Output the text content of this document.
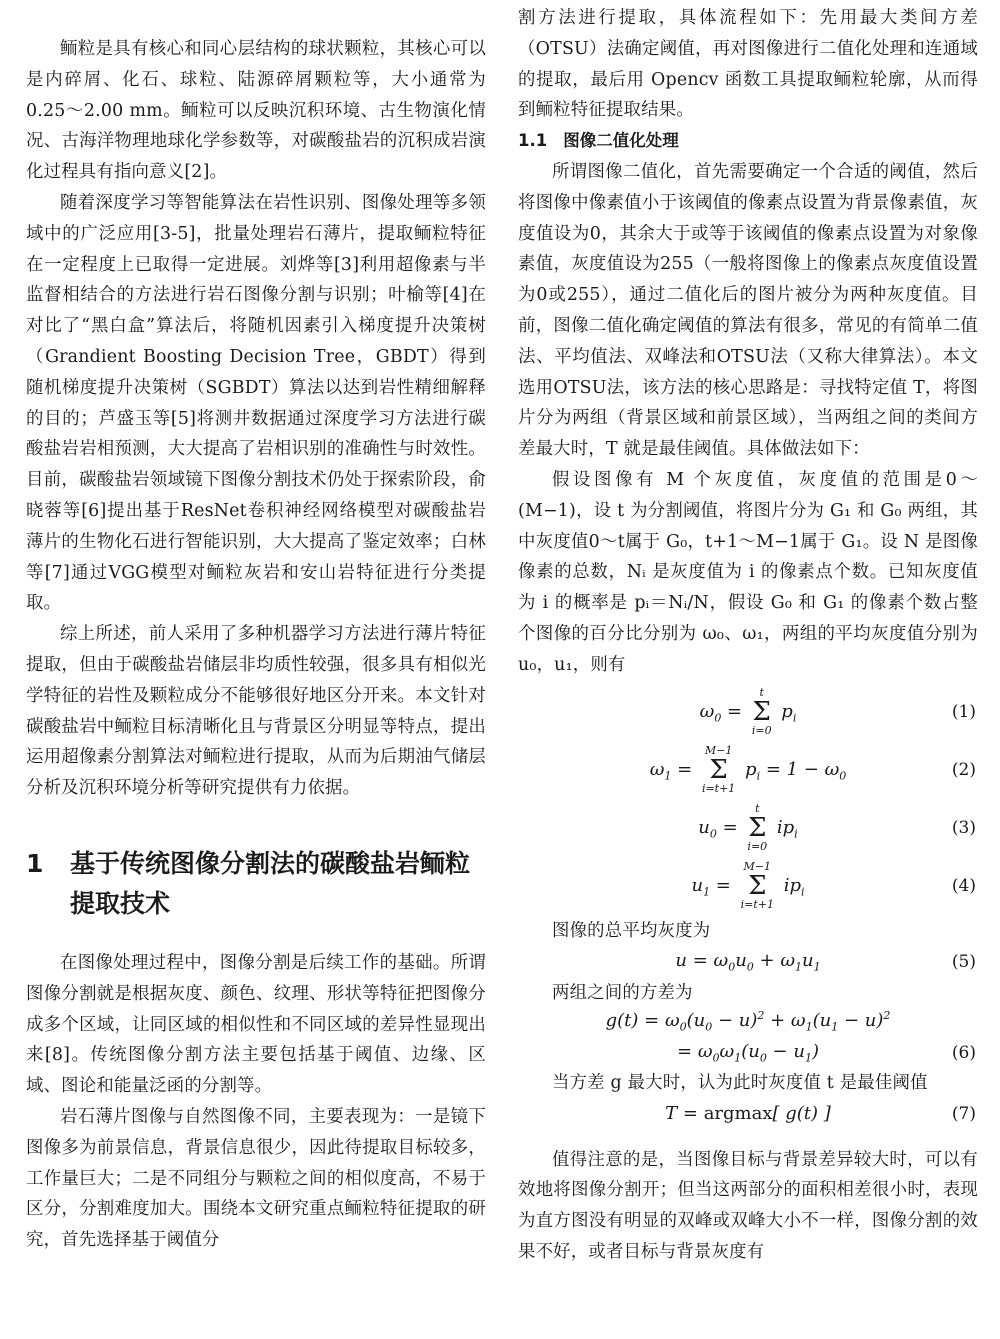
鲕粒是具有核心和同心层结构的球状颗粒，其核心可以是内碎屑、化石、球粒、陆源碎屑颗粒等，大小通常为0.25～2.00 mm。鲕粒可以反映沉积环境、古生物演化情况、古海洋物理地球化学参数等，对碳酸盐岩的沉积成岩演化过程具有指向意义[2]。

随着深度学习等智能算法在岩性识别、图像处理等多领域中的广泛应用[3-5]，批量处理岩石薄片，提取鲕粒特征在一定程度上已取得一定进展。刘烨等[3]利用超像素与半监督相结合的方法进行岩石图像分割与识别；叶榆等[4]在对比了“黑白盒”算法后，将随机因素引入梯度提升决策树（Grandient Boosting Decision Tree，GBDT）得到随机梯度提升决策树（SGBDT）算法以达到岩性精细解释的目的；芦盛玉等[5]将测井数据通过深度学习方法进行碳酸盐岩岩相预测，大大提高了岩相识别的准确性与时效性。目前，碳酸盐岩领域镜下图像分割技术仍处于探索阶段，俞晓蓉等[6]提出基于ResNet卷积神经网络模型对碳酸盐岩薄片的生物化石进行智能识别，大大提高了鉴定效率；白林等[7]通过VGG模型对鲕粒灰岩和安山岩特征进行分类提取。

综上所述，前人采用了多种机器学习方法进行薄片特征提取，但由于碳酸盐岩储层非均质性较强，很多具有相似光学特征的岩性及颗粒成分不能够很好地区分开来。本文针对碳酸盐岩中鲕粒目标清晰化且与背景区分明显等特点，提出运用超像素分割算法对鲕粒进行提取，从而为后期油气储层分析及沉积环境分析等研究提供有力依据。

1	基于传统图像分割法的碳酸盐岩鲕粒提取技术

在图像处理过程中，图像分割是后续工作的基础。所谓图像分割就是根据灰度、颜色、纹理、形状等特征把图像分成多个区域，让同区域的相似性和不同区域的差异性显现出来[8]。传统图像分割方法主要包括基于阈值、边缘、区域、图论和能量泛函的分割等。

岩石薄片图像与自然图像不同，主要表现为：一是镜下图像多为前景信息，背景信息很少，因此待提取目标较多，工作量巨大；二是不同组分与颗粒之间的相似度高，不易于区分，分割难度加大。围绕本文研究重点鲕粒特征提取的研究，首先选择基于阈值分

割方法进行提取，具体流程如下：先用最大类间方差（OTSU）法确定阈值，再对图像进行二值化处理和连通域的提取，最后用 Opencv 函数工具提取鲕粒轮廓，从而得到鲕粒特征提取结果。

1.1 图像二值化处理

所谓图像二值化，首先需要确定一个合适的阈值，然后将图像中像素值小于该阈值的像素点设置为背景像素值，灰度值设为0，其余大于或等于该阈值的像素点设置为对象像素值，灰度值设为255（一般将图像上的像素点灰度值设置为0或255），通过二值化后的图片被分为两种灰度值。目前，图像二值化确定阈值的算法有很多，常见的有简单二值法、平均值法、双峰法和OTSU法（又称大律算法）。本文选用OTSU法，该方法的核心思路是：寻找特定值 T，将图片分为两组（背景区域和前景区域），当两组之间的类间方差最大时，T 就是最佳阈值。具体做法如下：

假设图像有 M 个灰度值，灰度值的范围是0～(M−1)，设 t 为分割阈值，将图片分为 G₁ 和 G₀ 两组，其中灰度值0～t属于 G₀，t+1～M−1属于 G₁。设 N 是图像像素的总数，Nᵢ 是灰度值为 i 的像素点个数。已知灰度值为 i 的概率是 pᵢ＝Nᵢ/N，假设 G₀ 和 G₁ 的像素个数占整个图像的百分比分别为 ω₀、ω₁，两组的平均灰度值分别为 u₀，u₁，则有

$\omega_0$ =
t
Σ
i=0
$p_i$	(1)
$\omega_1$ =
M−1
Σ
i=t+1
$p_i = 1 - \omega_0$	(2)
$u_0$ =
t
Σ
i=0
$ip_i$	(3)
$u_1$ =
M−1
Σ
i=t+1
$ip_i$	(4)

图像的总平均灰度为

$u = \omega_0u_0 + \omega_1u_1$	(5)

两组之间的方差为

$g(t) = \omega_0(u_0 - u)^2 + \omega_1(u_1 - u)^2$
= $\omega_0\omega_1(u_0 - u_1)$	(6)

当方差 g 最大时，认为此时灰度值 t 是最佳阈值

T = argmax[ g(t) ]	(7)

值得注意的是，当图像目标与背景差异较大时，可以有效地将图像分割开；但当这两部分的面积相差很小时，表现为直方图没有明显的双峰或双峰大小不一样，图像分割的效果不好，或者目标与背景灰度有
